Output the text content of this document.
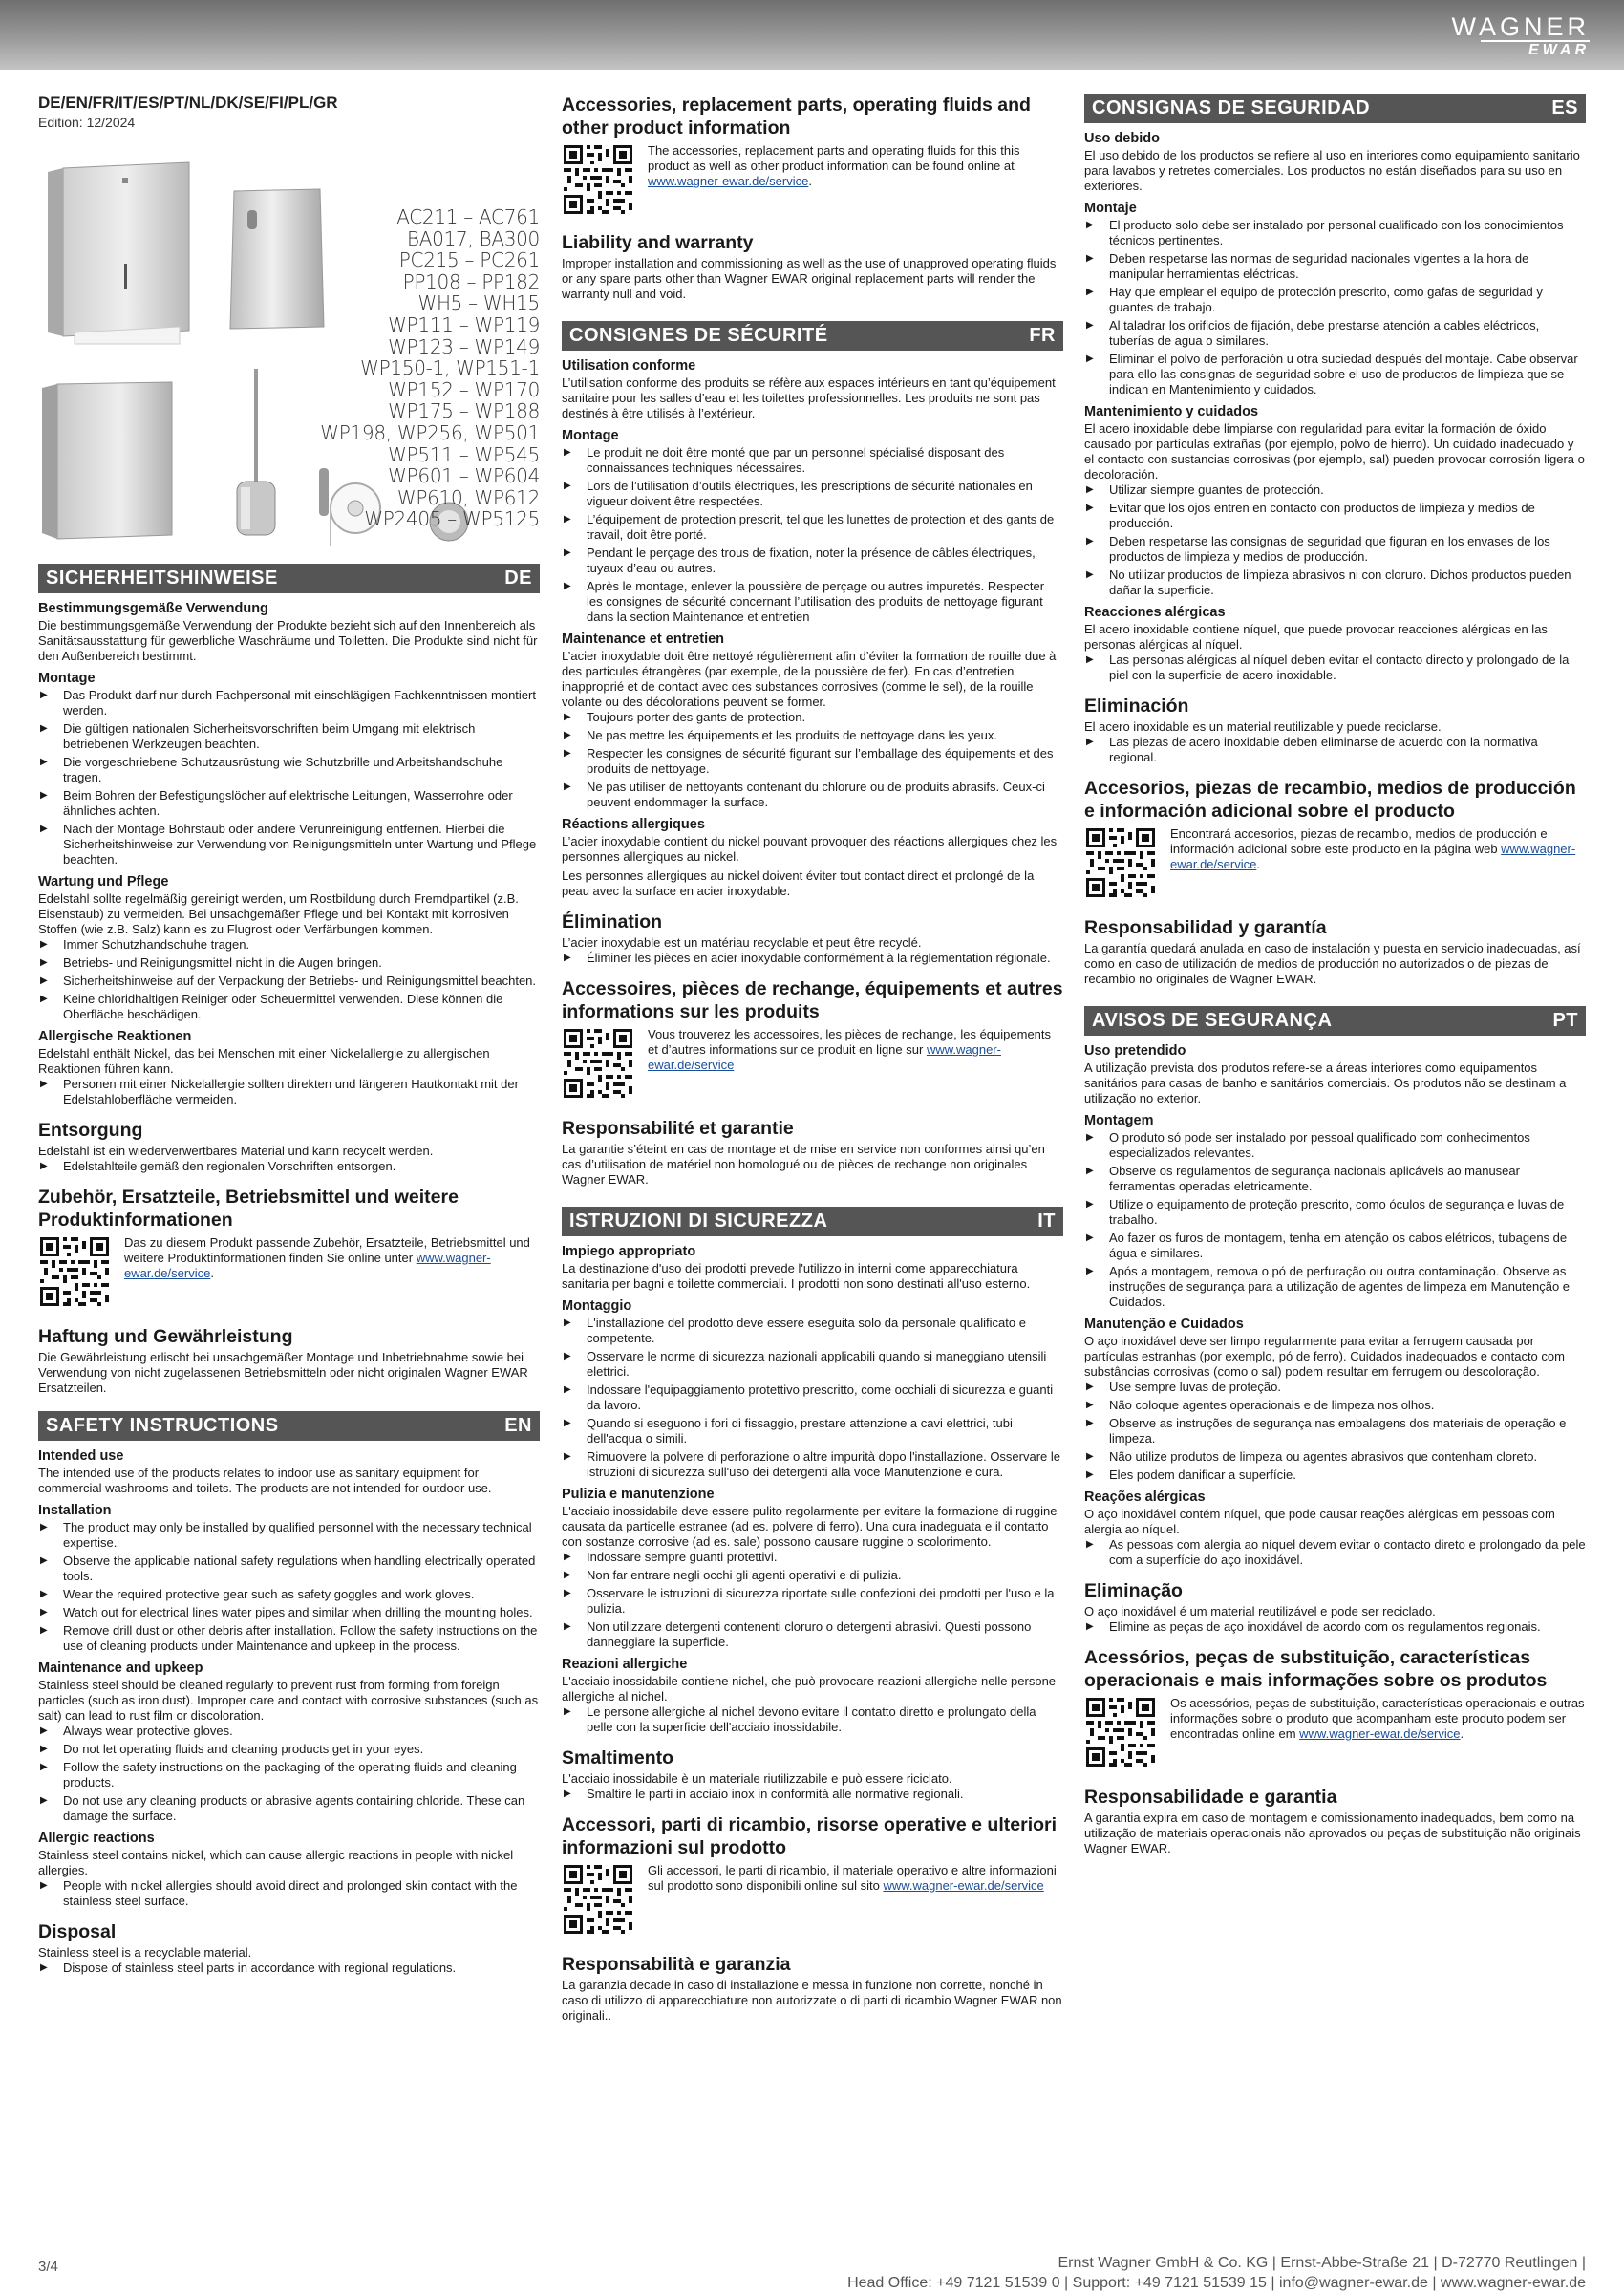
WAGNER
EWAR
DE/EN/FR/IT/ES/PT/NL/DK/SE/FI/PL/GR
Edition: 12/2024
AC211 – AC761
BA017, BA300
PC215 – PC261
PP108 – PP182
WH5 – WH15
WP111 – WP119
WP123 – WP149
WP150-1, WP151-1
WP152 – WP170
WP175 – WP188
WP198, WP256, WP501
WP511 – WP545
WP601 – WP604
WP610, WP612
WP2405 – WP5125
SICHERHEITSHINWEISE	DE
Bestimmungsgemäße Verwendung
Die bestimmungsgemäße Verwendung der Produkte bezieht sich auf den Innenbereich als Sanitätsausstattung für gewerbliche Waschräume und Toiletten. Die Produkte sind nicht für den Außenbereich bestimmt.
Montage
▶ Das Produkt darf nur durch Fachpersonal mit einschlägigen Fachkenntnissen montiert werden.
▶ Die gültigen nationalen Sicherheitsvorschriften beim Umgang mit elektrisch betriebenen Werkzeugen beachten.
▶ Die vorgeschriebene Schutzausrüstung wie Schutzbrille und Arbeitshandschuhe tragen.
▶ Beim Bohren der Befestigungslöcher auf elektrische Leitungen, Wasserrohre oder ähnliches achten.
▶ Nach der Montage Bohrstaub oder andere Verunreinigung entfernen. Hierbei die Sicherheitshinweise zur Verwendung von Reinigungsmitteln unter Wartung und Pflege beachten.
Wartung und Pflege
Edelstahl sollte regelmäßig gereinigt werden, um Rostbildung durch Fremdpartikel (z.B. Eisenstaub) zu vermeiden. Bei unsachgemäßer Pflege und bei Kontakt mit korrosiven Stoffen (wie z.B. Salz) kann es zu Flugrost oder Verfärbungen kommen.
▶ Immer Schutzhandschuhe tragen.
▶ Betriebs- und Reinigungsmittel nicht in die Augen bringen.
▶ Sicherheitshinweise auf der Verpackung der Betriebs- und Reinigungsmittel beachten.
▶ Keine chloridhaltigen Reiniger oder Scheuermittel verwenden. Diese können die Oberfläche beschädigen.
Allergische Reaktionen
Edelstahl enthält Nickel, das bei Menschen mit einer Nickelallergie zu allergischen Reaktionen führen kann.
▶ Personen mit einer Nickelallergie sollten direkten und längeren Hautkontakt mit der Edelstahloberfläche vermeiden.
Entsorgung
Edelstahl ist ein wiederverwertbares Material und kann recycelt werden.
▶ Edelstahlteile gemäß den regionalen Vorschriften entsorgen.
Zubehör, Ersatzteile, Betriebsmittel und weitere Produktinformationen
Das zu diesem Produkt passende Zubehör, Ersatzteile, Betriebsmittel und weitere Produktinformationen finden Sie online unter www.wagner-ewar.de/service.
Haftung und Gewährleistung
Die Gewährleistung erlischt bei unsachgemäßer Montage und Inbetriebnahme sowie bei Verwendung von nicht zugelassenen Betriebsmitteln oder nicht originalen Wagner EWAR Ersatzteilen.
SAFETY INSTRUCTIONS	EN
Intended use
The intended use of the products relates to indoor use as sanitary equipment for commercial washrooms and toilets. The products are not intended for outdoor use.
Installation
▶ The product may only be installed by qualified personnel with the necessary technical expertise.
▶ Observe the applicable national safety regulations when handling electrically operated tools.
▶ Wear the required protective gear such as safety goggles and work gloves.
▶ Watch out for electrical lines water pipes and similar when drilling the mounting holes.
▶ Remove drill dust or other debris after installation. Follow the safety instructions on the use of cleaning products under Maintenance and upkeep in the process.
Maintenance and upkeep
Stainless steel should be cleaned regularly to prevent rust from forming from foreign particles (such as iron dust). Improper care and contact with corrosive substances (such as salt) can lead to rust film or discoloration.
▶ Always wear protective gloves.
▶ Do not let operating fluids and cleaning products get in your eyes.
▶ Follow the safety instructions on the packaging of the operating fluids and cleaning products.
▶ Do not use any cleaning products or abrasive agents containing chloride. These can damage the surface.
Allergic reactions
Stainless steel contains nickel, which can cause allergic reactions in people with nickel allergies.
▶ People with nickel allergies should avoid direct and prolonged skin contact with the stainless steel surface.
Disposal
Stainless steel is a recyclable material.
▶ Dispose of stainless steel parts in accordance with regional regulations.
Accessories, replacement parts, operating fluids and other product information
The accessories, replacement parts and operating fluids for this this product as well as other product information can be found online at www.wagner-ewar.de/service.
Liability and warranty
Improper installation and commissioning as well as the use of unapproved operating fluids or any spare parts other than Wagner EWAR original replacement parts will render the warranty null and void.
CONSIGNES DE SÉCURITÉ	FR
Utilisation conforme
L’utilisation conforme des produits se réfère aux espaces intérieurs en tant qu’équipement sanitaire pour les salles d’eau et les toilettes professionnelles. Les produits ne sont pas destinés à être utilisés à l’extérieur.
Montage
▶ Le produit ne doit être monté que par un personnel spécialisé disposant des connaissances techniques nécessaires.
▶ Lors de l’utilisation d’outils électriques, les prescriptions de sécurité nationales en vigueur doivent être respectées.
▶ L’équipement de protection prescrit, tel que les lunettes de protection et des gants de travail, doit être porté.
▶ Pendant le perçage des trous de fixation, noter la présence de câbles électriques, tuyaux d’eau ou autres.
▶ Après le montage, enlever la poussière de perçage ou autres impuretés. Respecter les consignes de sécurité concernant l’utilisation des produits de nettoyage figurant dans la section Maintenance et entretien
Maintenance et entretien
L’acier inoxydable doit être nettoyé régulièrement afin d’éviter la formation de rouille due à des particules étrangères (par exemple, de la poussière de fer). En cas d’entretien inapproprié et de contact avec des substances corrosives (comme le sel), de la rouille volante ou des décolorations peuvent se former.
▶ Toujours porter des gants de protection.
▶ Ne pas mettre les équipements et les produits de nettoyage dans les yeux.
▶ Respecter les consignes de sécurité figurant sur l’emballage des équipements et des produits de nettoyage.
▶ Ne pas utiliser de nettoyants contenant du chlorure ou de produits abrasifs. Ceux-ci peuvent endommager la surface.
Réactions allergiques
L’acier inoxydable contient du nickel pouvant provoquer des réactions allergiques chez les personnes allergiques au nickel.
Les personnes allergiques au nickel doivent éviter tout contact direct et prolongé de la peau avec la surface en acier inoxydable.
Élimination
L’acier inoxydable est un matériau recyclable et peut être recyclé.
▶ Éliminer les pièces en acier inoxydable conformément à la réglementation régionale.
Accessoires, pièces de rechange, équipements et autres informations sur les produits
Vous trouverez les accessoires, les pièces de rechange, les équipements et d’autres informations sur ce produit en ligne sur www.wagner-ewar.de/service
Responsabilité et garantie
La garantie s’éteint en cas de montage et de mise en service non conformes ainsi qu’en cas d’utilisation de matériel non homologué ou de pièces de rechange non originales Wagner EWAR.
ISTRUZIONI DI SICUREZZA	IT
Impiego appropriato
La destinazione d'uso dei prodotti prevede l'utilizzo in interni come apparecchiatura sanitaria per bagni e toilette commerciali. I prodotti non sono destinati all'uso esterno.
Montaggio
▶ L'installazione del prodotto deve essere eseguita solo da personale qualificato e competente.
▶ Osservare le norme di sicurezza nazionali applicabili quando si maneggiano utensili elettrici.
▶ Indossare l'equipaggiamento protettivo prescritto, come occhiali di sicurezza e guanti da lavoro.
▶ Quando si eseguono i fori di fissaggio, prestare attenzione a cavi elettrici, tubi dell'acqua o simili.
▶ Rimuovere la polvere di perforazione o altre impurità dopo l'installazione. Osservare le istruzioni di sicurezza sull'uso dei detergenti alla voce Manutenzione e cura.
Pulizia e manutenzione
L'acciaio inossidabile deve essere pulito regolarmente per evitare la formazione di ruggine causata da particelle estranee (ad es. polvere di ferro). Una cura inadeguata e il contatto con sostanze corrosive (ad es. sale) possono causare ruggine o scolorimento.
▶ Indossare sempre guanti protettivi.
▶ Non far entrare negli occhi gli agenti operativi e di pulizia.
▶ Osservare le istruzioni di sicurezza riportate sulle confezioni dei prodotti per l'uso e la pulizia.
▶ Non utilizzare detergenti contenenti cloruro o detergenti abrasivi. Questi possono danneggiare la superficie.
Reazioni allergiche
L'acciaio inossidabile contiene nichel, che può provocare reazioni allergiche nelle persone allergiche al nichel.
▶ Le persone allergiche al nichel devono evitare il contatto diretto e prolungato della pelle con la superficie dell'acciaio inossidabile.
Smaltimento
L'acciaio inossidabile è un materiale riutilizzabile e può essere riciclato.
▶ Smaltire le parti in acciaio inox in conformità alle normative regionali.
Accessori, parti di ricambio, risorse operative e ulteriori informazioni sul prodotto
Gli accessori, le parti di ricambio, il materiale operativo e altre informazioni sul prodotto sono disponibili online sul sito www.wagner-ewar.de/service
Responsabilità e garanzia
La garanzia decade in caso di installazione e messa in funzione non corrette, nonché in caso di utilizzo di apparecchiature non autorizzate o di parti di ricambio Wagner EWAR non originali..
CONSIGNAS DE SEGURIDAD	ES
Uso debido
El uso debido de los productos se refiere al uso en interiores como equipamiento sanitario para lavabos y retretes comerciales. Los productos no están diseñados para su uso en exteriores.
Montaje
▶ El producto solo debe ser instalado por personal cualificado con los conocimientos técnicos pertinentes.
▶ Deben respetarse las normas de seguridad nacionales vigentes a la hora de manipular herramientas eléctricas.
▶ Hay que emplear el equipo de protección prescrito, como gafas de seguridad y guantes de trabajo.
▶ Al taladrar los orificios de fijación, debe prestarse atención a cables eléctricos, tuberías de agua o similares.
▶ Eliminar el polvo de perforación u otra suciedad después del montaje. Cabe observar para ello las consignas de seguridad sobre el uso de productos de limpieza que se indican en Mantenimiento y cuidados.
Mantenimiento y cuidados
El acero inoxidable debe limpiarse con regularidad para evitar la formación de óxido causado por partículas extrañas (por ejemplo, polvo de hierro). Un cuidado inadecuado y el contacto con sustancias corrosivas (por ejemplo, sal) pueden provocar corrosión ligera o decoloración.
▶ Utilizar siempre guantes de protección.
▶ Evitar que los ojos entren en contacto con productos de limpieza y medios de producción.
▶ Deben respetarse las consignas de seguridad que figuran en los envases de los productos de limpieza y medios de producción.
▶ No utilizar productos de limpieza abrasivos ni con cloruro. Dichos productos pueden dañar la superficie.
Reacciones alérgicas
El acero inoxidable contiene níquel, que puede provocar reacciones alérgicas en las personas alérgicas al níquel.
▶ Las personas alérgicas al níquel deben evitar el contacto directo y prolongado de la piel con la superficie de acero inoxidable.
Eliminación
El acero inoxidable es un material reutilizable y puede reciclarse.
▶ Las piezas de acero inoxidable deben eliminarse de acuerdo con la normativa regional.
Accesorios, piezas de recambio, medios de producción e información adicional sobre el producto
Encontrará accesorios, piezas de recambio, medios de producción e información adicional sobre este producto en la página web www.wagner-ewar.de/service.
Responsabilidad y garantía
La garantía quedará anulada en caso de instalación y puesta en servicio inadecuadas, así como en caso de utilización de medios de producción no autorizados o de piezas de recambio no originales de Wagner EWAR.
AVISOS DE SEGURANÇA	PT
Uso pretendido
A utilização prevista dos produtos refere-se a áreas interiores como equipamentos sanitários para casas de banho e sanitários comerciais. Os produtos não se destinam a utilização no exterior.
Montagem
▶ O produto só pode ser instalado por pessoal qualificado com conhecimentos especializados relevantes.
▶ Observe os regulamentos de segurança nacionais aplicáveis ao manusear ferramentas operadas eletricamente.
▶ Utilize o equipamento de proteção prescrito, como óculos de segurança e luvas de trabalho.
▶ Ao fazer os furos de montagem, tenha em atenção os cabos elétricos, tubagens de água e similares.
▶ Após a montagem, remova o pó de perfuração ou outra contaminação. Observe as instruções de segurança para a utilização de agentes de limpeza em Manutenção e Cuidados.
Manutenção e Cuidados
O aço inoxidável deve ser limpo regularmente para evitar a ferrugem causada por partículas estranhas (por exemplo, pó de ferro). Cuidados inadequados e contacto com substâncias corrosivas (como o sal) podem resultar em ferrugem ou descoloração.
▶ Use sempre luvas de proteção.
▶ Não coloque agentes operacionais e de limpeza nos olhos.
▶ Observe as instruções de segurança nas embalagens dos materiais de operação e limpeza.
▶ Não utilize produtos de limpeza ou agentes abrasivos que contenham cloreto.
▶ Eles podem danificar a superfície.
Reações alérgicas
O aço inoxidável contém níquel, que pode causar reações alérgicas em pessoas com alergia ao níquel.
▶ As pessoas com alergia ao níquel devem evitar o contacto direto e prolongado da pele com a superfície do aço inoxidável.
Eliminação
O aço inoxidável é um material reutilizável e pode ser reciclado.
▶ Elimine as peças de aço inoxidável de acordo com os regulamentos regionais.
Acessórios, peças de substituição, características operacionais e mais informações sobre os produtos
Os acessórios, peças de substituição, características operacionais e outras informações sobre o produto que acompanham este produto podem ser encontradas online em www.wagner-ewar.de/service.
Responsabilidade e garantia
A garantia expira em caso de montagem e comissionamento inadequados, bem como na utilização de materiais operacionais não aprovados ou peças de substituição não originais Wagner EWAR.
3/4	Ernst Wagner GmbH & Co. KG | Ernst-Abbe-Straße 21 | D-72770 Reutlingen |
Head Office: +49 7121 51539 0 | Support: +49 7121 51539 15 | info@wagner-ewar.de | www.wagner-ewar.de
